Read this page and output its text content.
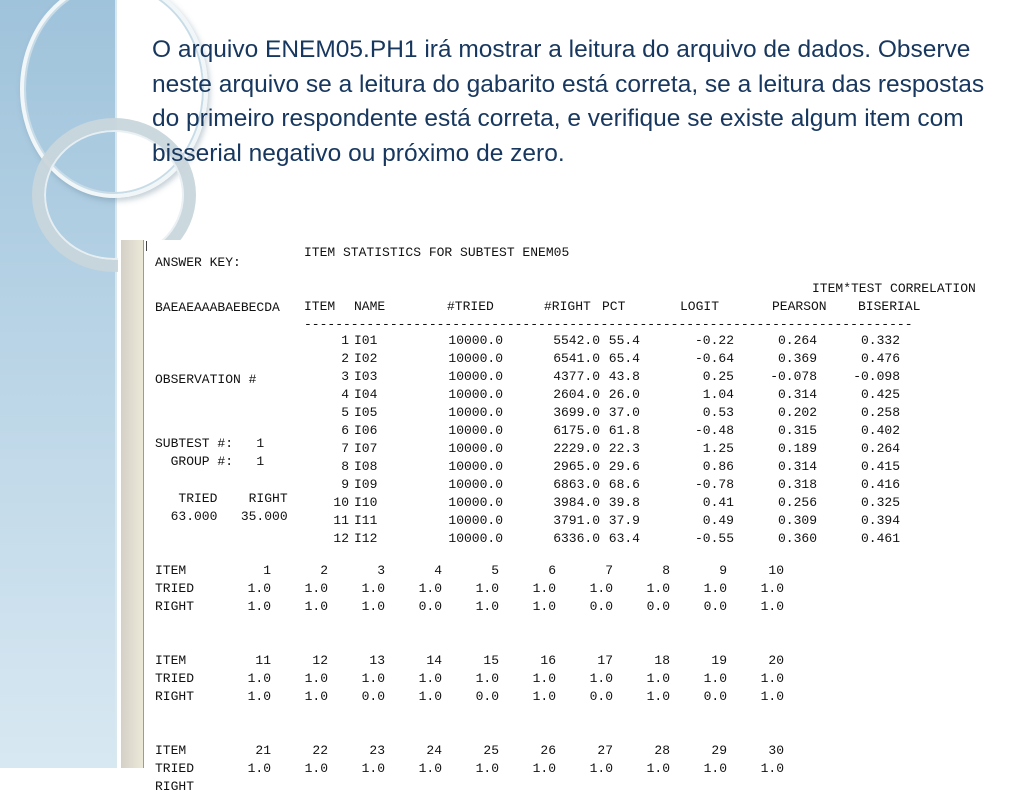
O arquivo ENEM05.PH1 irá mostrar a leitura do arquivo de dados. Observe neste arquivo se a leitura do gabarito está correta, se a leitura das respostas do primeiro respondente está correta, e verifique se existe algum item com bisserial negativo ou próximo de zero.

ANSWER KEY:

BAEAEAAABAEBECDA

OBSERVATION #

SUBTEST #:   1

GROUP #:   1

TRIED    RIGHT

63.000   35.000

ITEM STATISTICS FOR SUBTEST ENEM05

ITEM*TEST CORRELATION

------------------------------------------------------------------------------

1 I01	10000.0	5542.0 55.4	-0.22	0.264	0.332
2 I02	10000.0	6541.0 65.4	-0.64	0.369	0.476
3 I03	10000.0	4377.0 43.8	0.25	-0.078	-0.098
4 I04	10000.0	2604.0 26.0	1.04	0.314	0.425
5 I05	10000.0	3699.0 37.0	0.53	0.202	0.258
6 I06	10000.0	6175.0 61.8	-0.48	0.315	0.402
7 I07	10000.0	2229.0 22.3	1.25	0.189	0.264
8 I08	10000.0	2965.0 29.6	0.86	0.314	0.415
9 I09	10000.0	6863.0 68.6	-0.78	0.318	0.416
10 I10	10000.0	3984.0 39.8	0.41	0.256	0.325
11 I11	10000.0	3791.0 37.9	0.49	0.309	0.394
12 I12	10000.0	6336.0 63.4	-0.55	0.360	0.461

ITEM NAME	#TRIED	#RIGHT PCT	LOGIT	PEARSON BISERIAL

ITEM	1	2	3	4	5	6	7	8	9	10
TRIED	1.0	1.0	1.0	1.0	1.0	1.0	1.0	1.0	1.0	1.0
RIGHT	1.0	1.0	1.0	0.0	1.0	1.0	0.0	0.0	0.0	1.0
ITEM	11	12	13	14	15	16	17	18	19	20
TRIED	1.0	1.0	1.0	1.0	1.0	1.0	1.0	1.0	1.0	1.0
RIGHT	1.0	1.0	0.0	1.0	0.0	1.0	0.0	1.0	0.0	1.0
ITEM	21	22	23	24	25	26	27	28	29	30
TRIED	1.0	1.0	1.0	1.0	1.0	1.0	1.0	1.0	1.0	1.0
RIGHT
